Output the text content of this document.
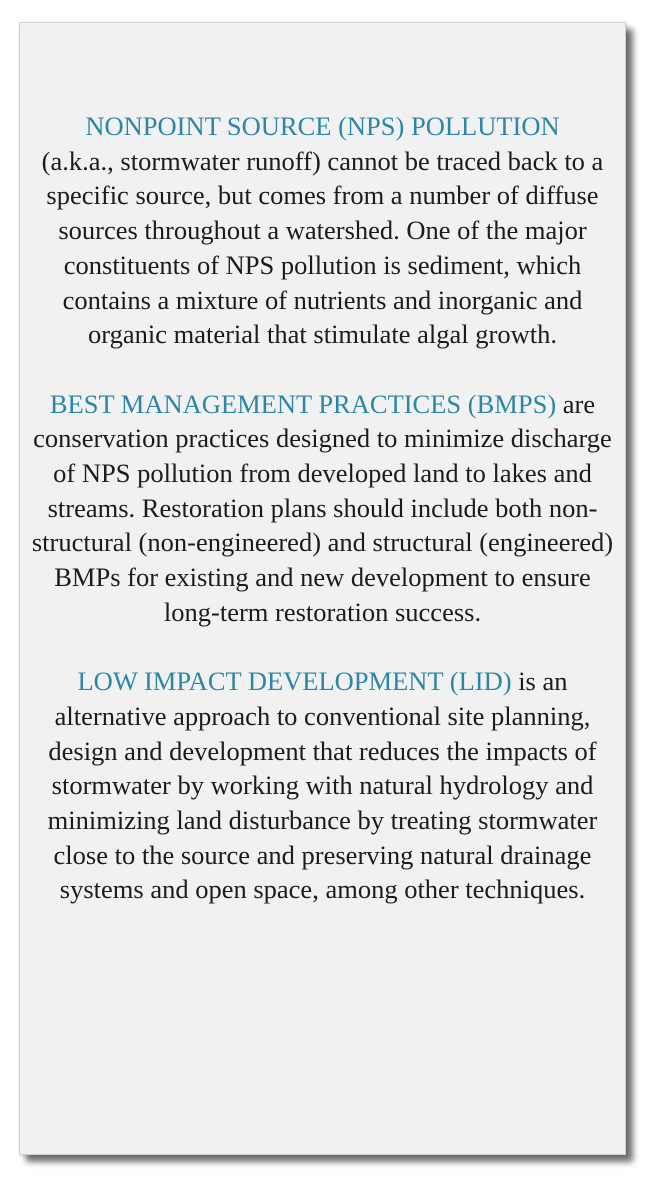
NONPOINT SOURCE (NPS) POLLUTION
(a.k.a., stormwater runoff) cannot be traced back to a specific source, but comes from a number of diffuse sources throughout a watershed. One of the major constituents of NPS pollution is sediment, which contains a mixture of nutrients and inorganic and organic material that stimulate algal growth.

BEST MANAGEMENT PRACTICES (BMPS) are conservation practices designed to minimize discharge of NPS pollution from developed land to lakes and streams. Restoration plans should include both non-structural (non-engineered) and structural (engineered) BMPs for existing and new development to ensure long-term restoration success.

LOW IMPACT DEVELOPMENT (LID) is an alternative approach to conventional site planning, design and development that reduces the impacts of stormwater by working with natural hydrology and minimizing land disturbance by treating stormwater close to the source and preserving natural drainage systems and open space, among other techniques.
